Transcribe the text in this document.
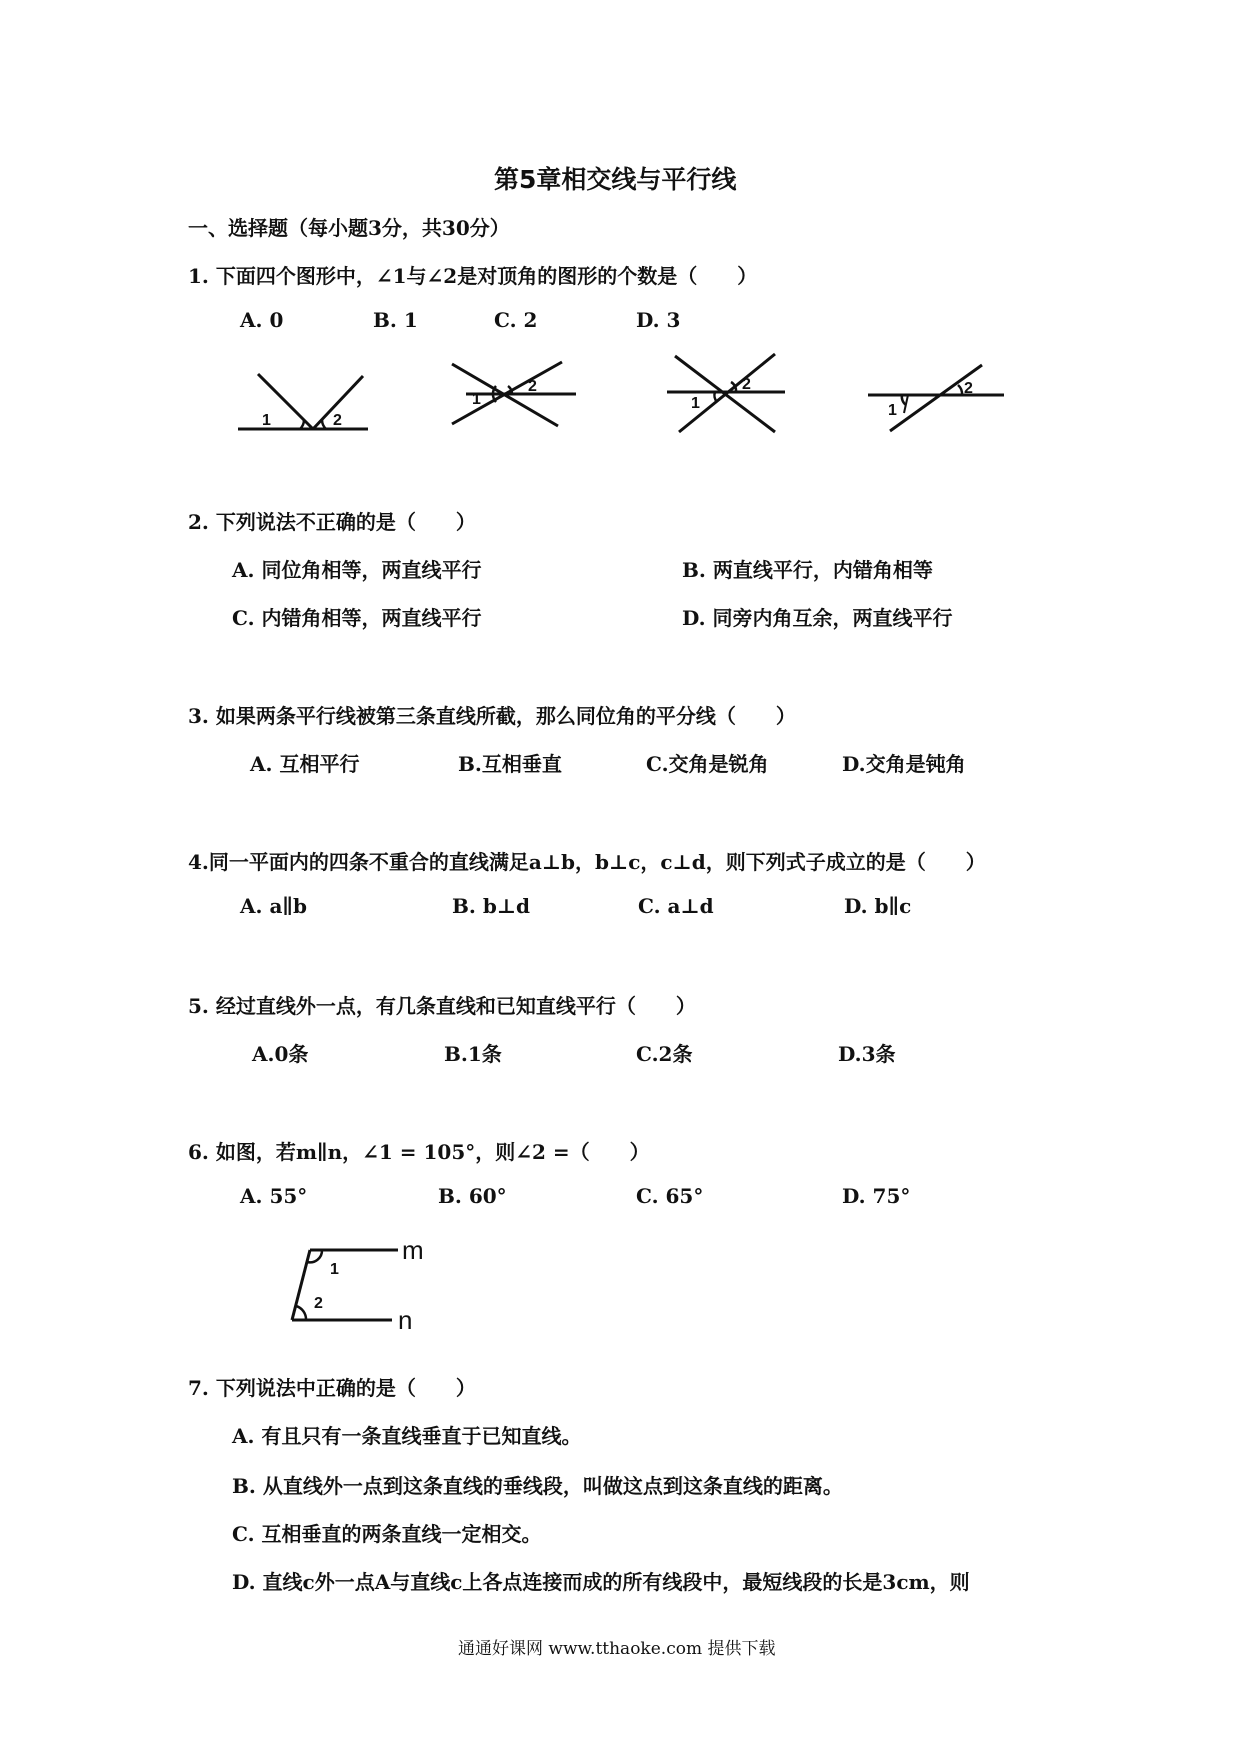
第5章相交线与平行线
一、选择题（每小题3分，共30分）
1. 下面四个图形中，∠1与∠2是对顶角的图形的个数是（　　）
A. 0	B. 1	C. 2	D. 3
1	2
1
2
1
2
1
2
2. 下列说法不正确的是（　　）
A. 同位角相等，两直线平行	B. 两直线平行，内错角相等
C. 内错角相等，两直线平行	D. 同旁内角互余，两直线平行
3. 如果两条平行线被第三条直线所截，那么同位角的平分线（　　）
A. 互相平行	B.互相垂直	C.交角是锐角	D.交角是钝角
4.同一平面内的四条不重合的直线满足a⊥b，b⊥c，c⊥d，则下列式子成立的是（　　）
A. a∥b	B. b⊥d	C. a⊥d	D. b∥c
5. 经过直线外一点，有几条直线和已知直线平行（　　）
A.0条	B.1条	C.2条	D.3条
6. 如图，若m∥n，∠1 = 105°，则∠2 =（　　）
A. 55°	B. 60°	C. 65°	D. 75°
1
2
m
n
7. 下列说法中正确的是（　　）
A. 有且只有一条直线垂直于已知直线。
B. 从直线外一点到这条直线的垂线段，叫做这点到这条直线的距离。
C. 互相垂直的两条直线一定相交。
D. 直线c外一点A与直线c上各点连接而成的所有线段中，最短线段的长是3cm，则
通通好课网 www.tthaoke.com 提供下载
